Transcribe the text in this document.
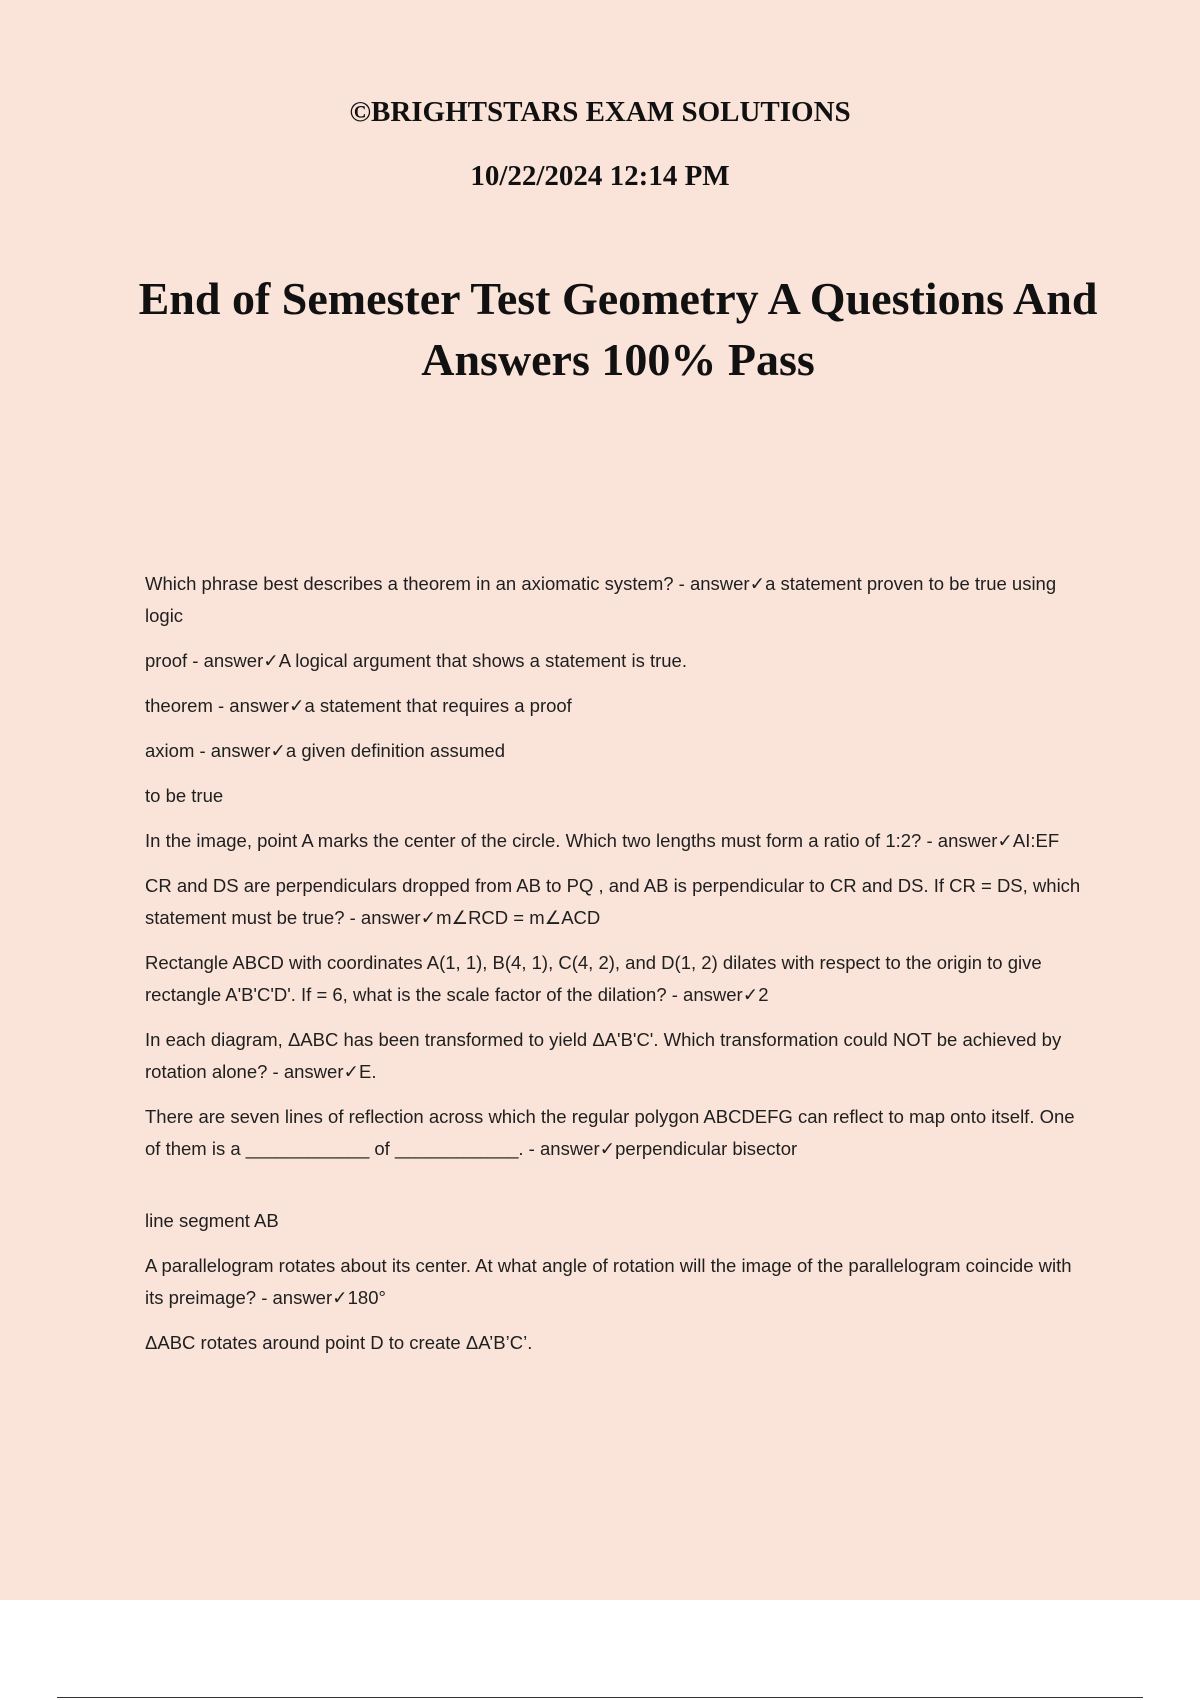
©BRIGHTSTARS EXAM SOLUTIONS

10/22/2024 12:14 PM

End of Semester Test Geometry A Questions And Answers 100% Pass

Which phrase best describes a theorem in an axiomatic system? - answer✓a statement proven to be true using logic

proof - answer✓A logical argument that shows a statement is true.

theorem - answer✓a statement that requires a proof

axiom - answer✓a given definition assumed

to be true

In the image, point A marks the center of the circle. Which two lengths must form a ratio of 1:2? - answer✓AI:EF

CR and DS are perpendiculars dropped from AB to PQ , and AB is perpendicular to CR and DS. If CR = DS, which statement must be true? - answer✓m∠RCD = m∠ACD

Rectangle ABCD with coordinates A(1, 1), B(4, 1), C(4, 2), and D(1, 2) dilates with respect to the origin to give rectangle A'B'C'D'. If = 6, what is the scale factor of the dilation? - answer✓2

In each diagram, ΔABC has been transformed to yield ΔA'B'C'. Which transformation could NOT be achieved by rotation alone? - answer✓E.

There are seven lines of reflection across which the regular polygon ABCDEFG can reflect to map onto itself. One of them is a ____________ of ____________. - answer✓perpendicular bisector

line segment AB

A parallelogram rotates about its center. At what angle of rotation will the image of the parallelogram coincide with its preimage? - answer✓180°

ΔABC rotates around point D to create ΔA’B’C’.
